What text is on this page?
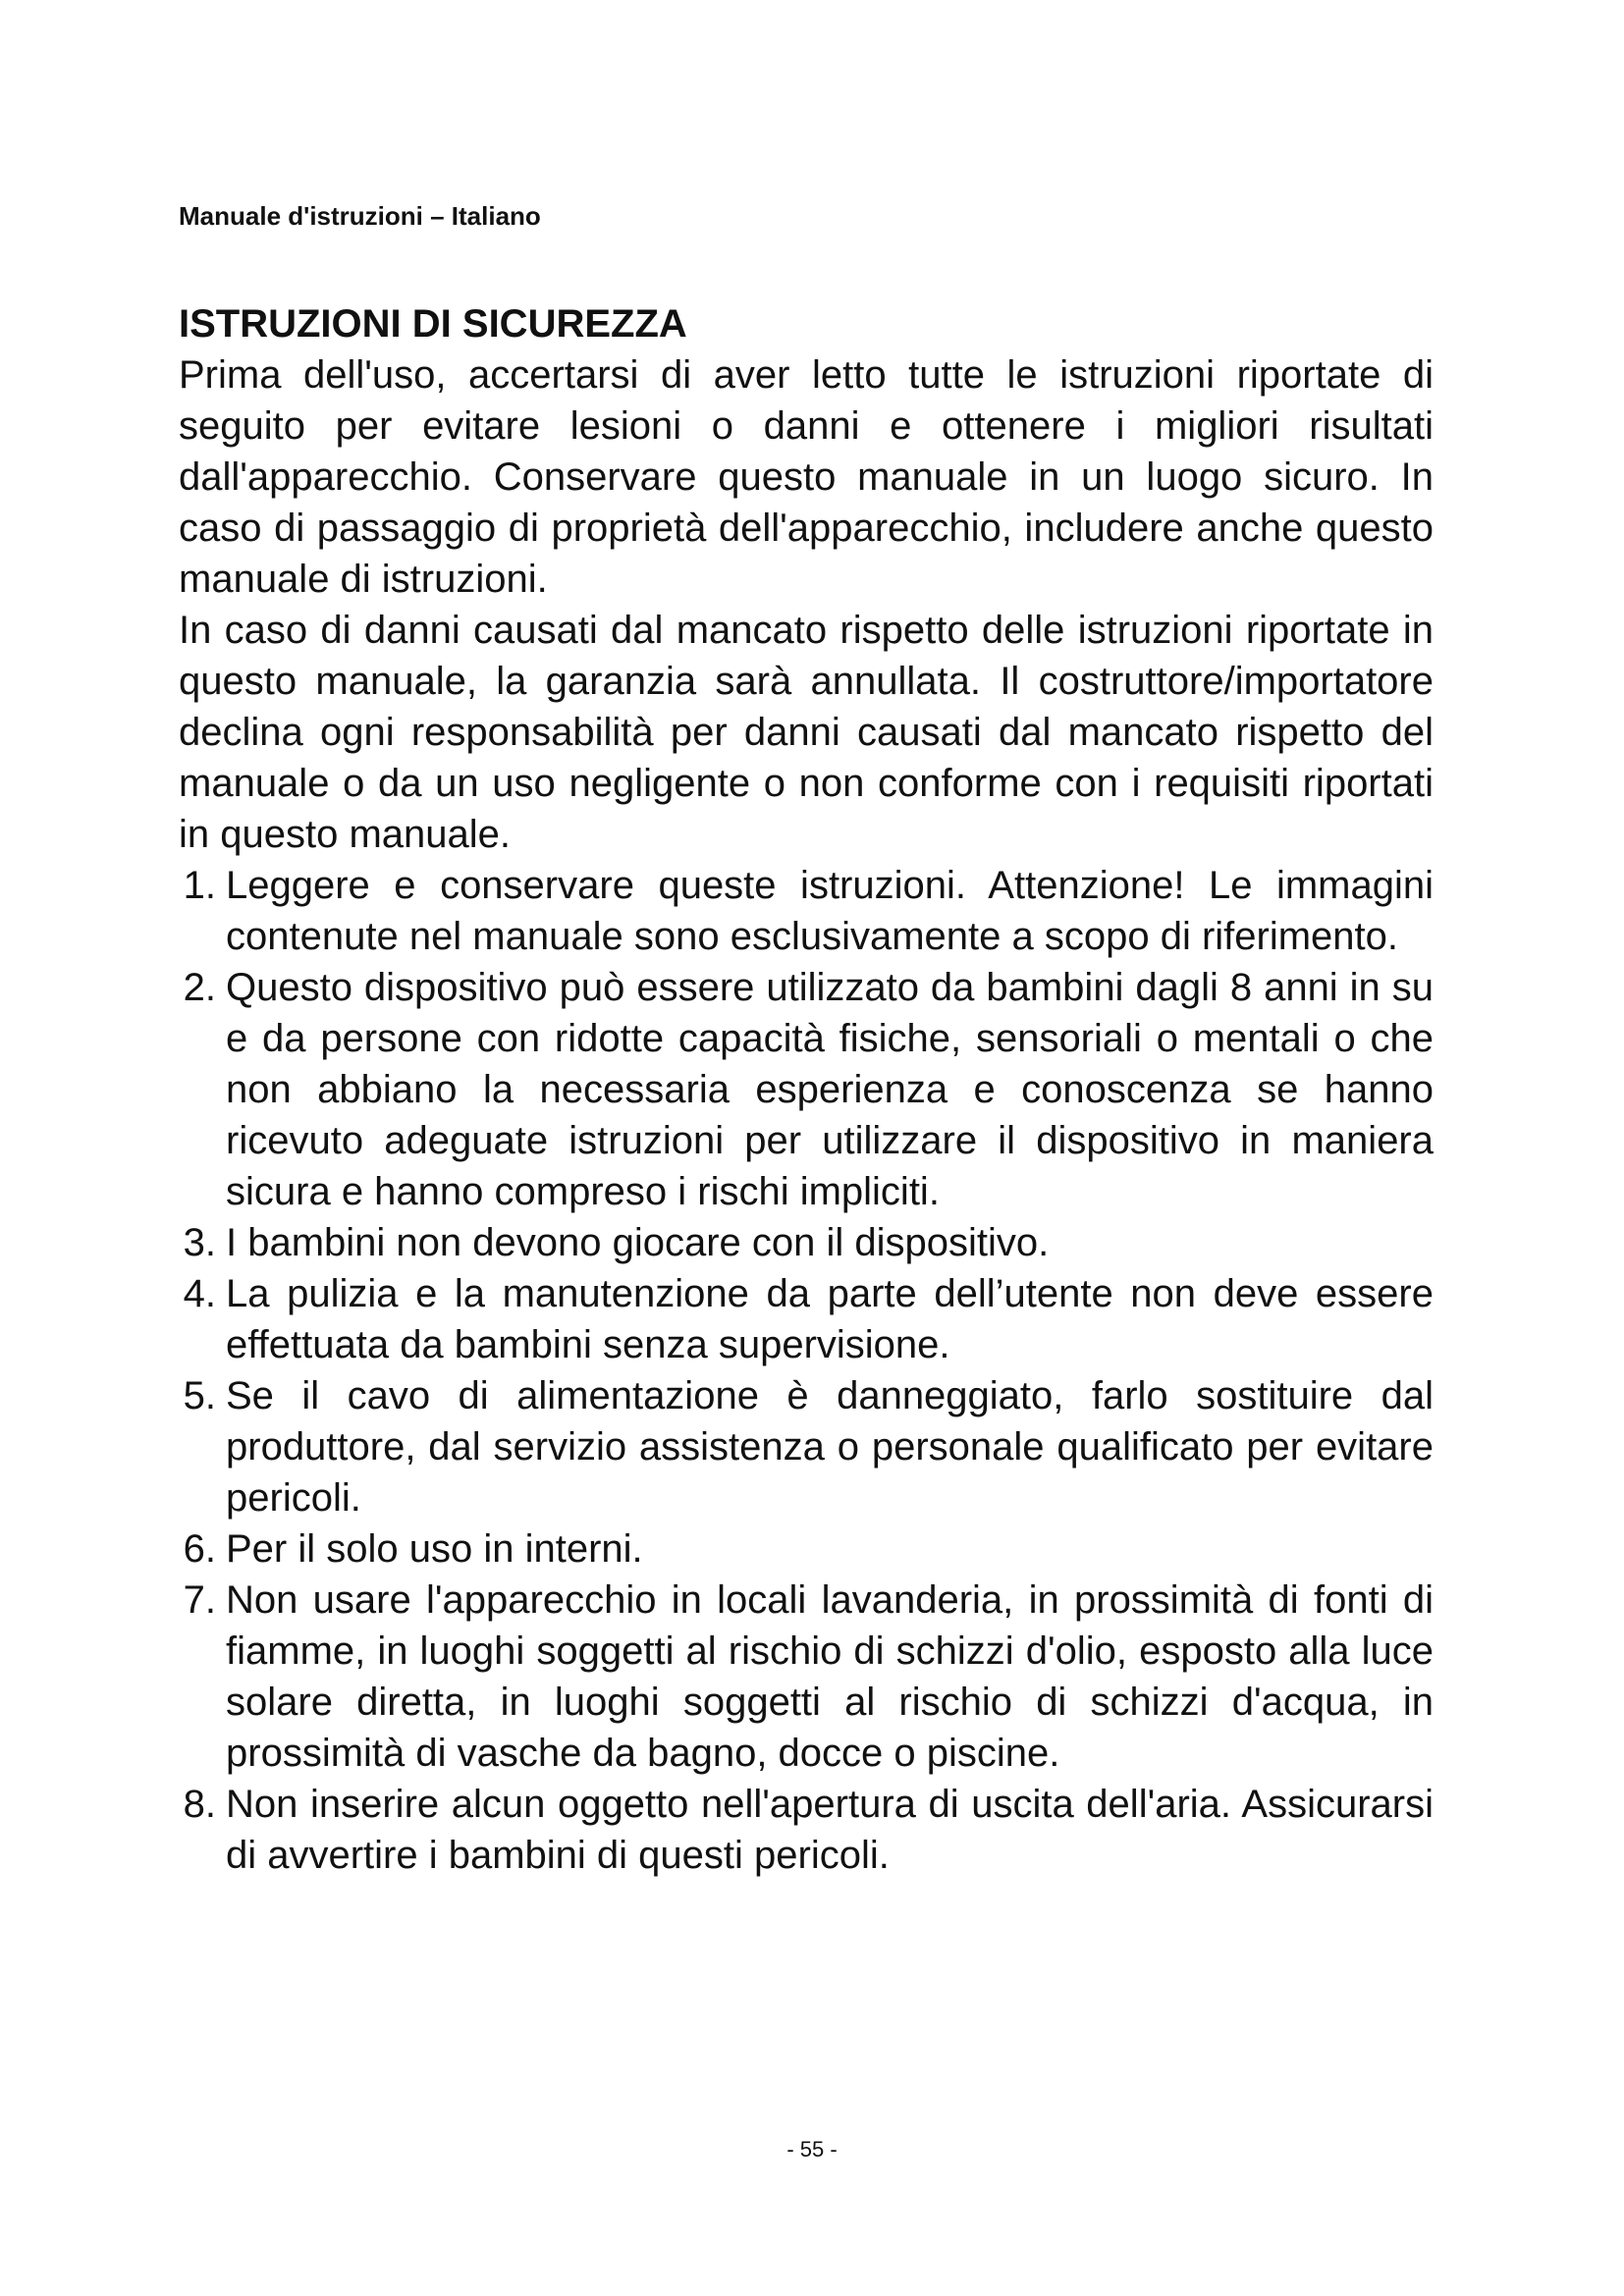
Manuale d'istruzioni – Italiano
ISTRUZIONI DI SICUREZZA

Prima dell'uso, accertarsi di aver letto tutte le istruzioni riportate di seguito per evitare lesioni o danni e ottenere i migliori risultati dall'apparecchio. Conservare questo manuale in un luogo sicuro. In caso di passaggio di proprietà dell'apparecchio, includere anche questo manuale di istruzioni.

In caso di danni causati dal mancato rispetto delle istruzioni riportate in questo manuale, la garanzia sarà annullata. Il costruttore/importatore declina ogni responsabilità per danni causati dal mancato rispetto del manuale o da un uso negligente o non conforme con i requisiti riportati in questo manuale.

1. Leggere e conservare queste istruzioni. Attenzione! Le immagini contenute nel manuale sono esclusivamente a scopo di riferimento.
2. Questo dispositivo può essere utilizzato da bambini dagli 8 anni in su e da persone con ridotte capacità fisiche, sensoriali o mentali o che non abbiano la necessaria esperienza e conoscenza se hanno ricevuto adeguate istruzioni per utilizzare il dispositivo in maniera sicura e hanno compreso i rischi impliciti.
3. I bambini non devono giocare con il dispositivo.
4. La pulizia e la manutenzione da parte dell’utente non deve essere effettuata da bambini senza supervisione.
5. Se il cavo di alimentazione è danneggiato, farlo sostituire dal produttore, dal servizio assistenza o personale qualificato per evitare pericoli.
6. Per il solo uso in interni.
7. Non usare l'apparecchio in locali lavanderia, in prossimità di fonti di fiamme, in luoghi soggetti al rischio di schizzi d'olio, esposto alla luce solare diretta, in luoghi soggetti al rischio di schizzi d'acqua, in prossimità di vasche da bagno, docce o piscine.
8. Non inserire alcun oggetto nell'apertura di uscita dell'aria. Assicurarsi di avvertire i bambini di questi pericoli.
- 55 -
